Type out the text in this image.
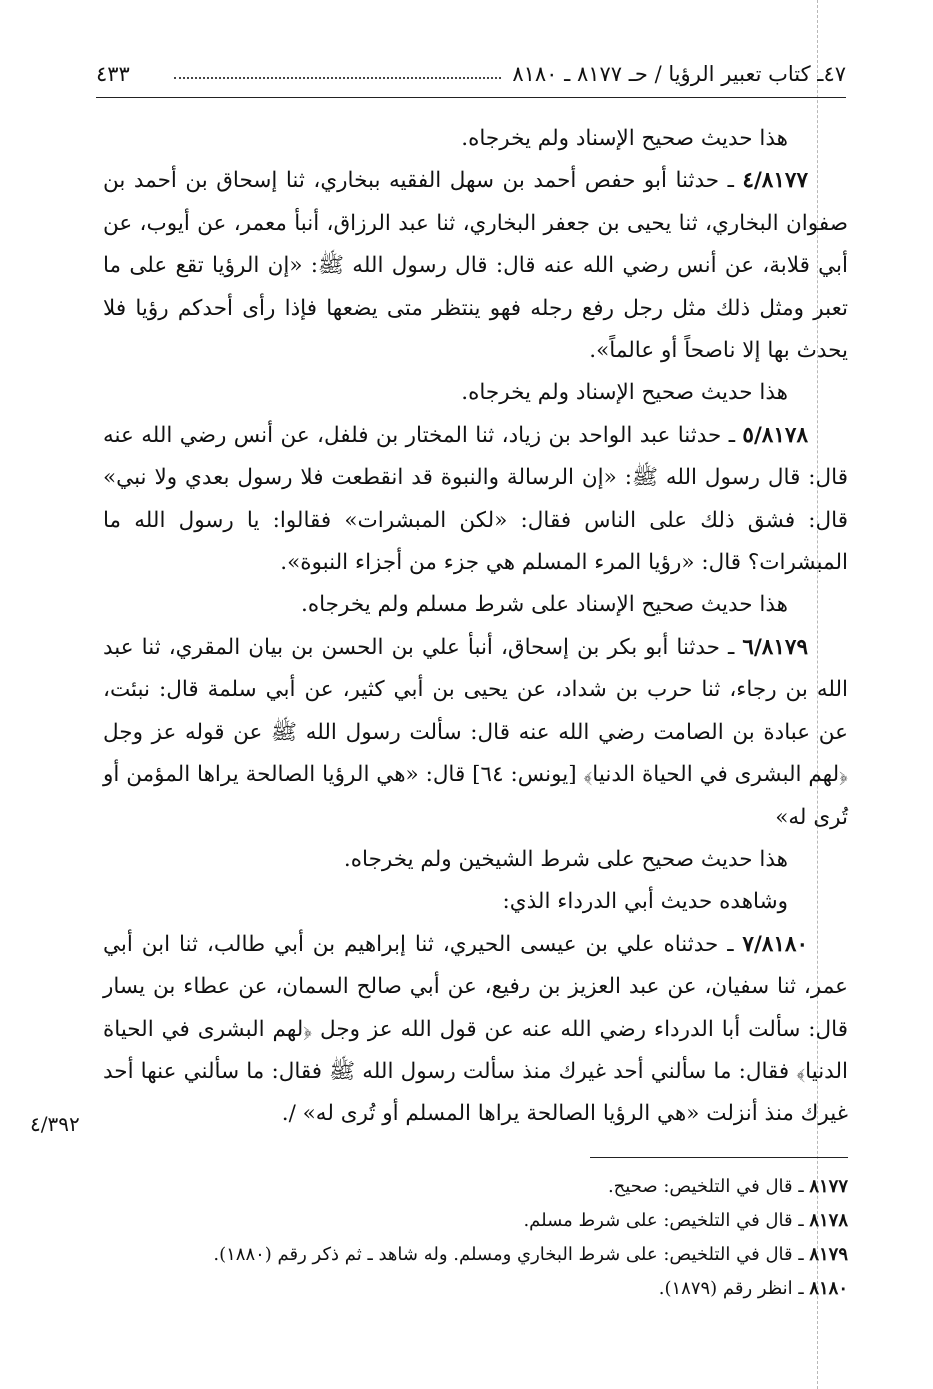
٤٧ـ كتاب تعبير الرؤيا / حـ ٨١٧٧ ـ ٨١٨٠
٤٣٣

هذا حديث صحيح الإسناد ولم يخرجاه.

٤/٨١٧٧ ـ حدثنا أبو حفص أحمد بن سهل الفقيه ببخاري، ثنا إسحاق بن أحمد بن صفوان البخاري، ثنا يحيى بن جعفر البخاري، ثنا عبد الرزاق، أنبأ معمر، عن أيوب، عن أبي قلابة، عن أنس رضي الله عنه قال: قال رسول الله ﷺ: «إن الرؤيا تقع على ما تعبر ومثل ذلك مثل رجل رفع رجله فهو ينتظر متى يضعها فإذا رأى أحدكم رؤيا فلا يحدث بها إلا ناصحاً أو عالماً».

هذا حديث صحيح الإسناد ولم يخرجاه.

٥/٨١٧٨ ـ حدثنا عبد الواحد بن زياد، ثنا المختار بن فلفل، عن أنس رضي الله عنه قال: قال رسول الله ﷺ: «إن الرسالة والنبوة قد انقطعت فلا رسول بعدي ولا نبي» قال: فشق ذلك على الناس فقال: «لكن المبشرات» فقالوا: يا رسول الله ما المبشرات؟ قال: «رؤيا المرء المسلم هي جزء من أجزاء النبوة».

هذا حديث صحيح الإسناد على شرط مسلم ولم يخرجاه.

٦/٨١٧٩ ـ حدثنا أبو بكر بن إسحاق، أنبأ علي بن الحسن بن بيان المقري، ثنا عبد الله بن رجاء، ثنا حرب بن شداد، عن يحيى بن أبي كثير، عن أبي سلمة قال: نبئت، عن عبادة بن الصامت رضي الله عنه قال: سألت رسول الله ﷺ عن قوله عز وجل ﴿لهم البشرى في الحياة الدنيا﴾ [يونس: ٦٤] قال: «هي الرؤيا الصالحة يراها المؤمن أو تُرى له»

هذا حديث صحيح على شرط الشيخين ولم يخرجاه.

وشاهده حديث أبي الدرداء الذي:

٧/٨١٨٠ ـ حدثناه علي بن عيسى الحيري، ثنا إبراهيم بن أبي طالب، ثنا ابن أبي عمر، ثنا سفيان، عن عبد العزيز بن رفيع، عن أبي صالح السمان، عن عطاء بن يسار قال: سألت أبا الدرداء رضي الله عنه عن قول الله عز وجل ﴿لهم البشرى في الحياة الدنيا﴾ فقال: ما سألني أحد غيرك منذ سألت رسول الله ﷺ فقال: ما سألني عنها أحد غيرك منذ أنزلت «هي الرؤيا الصالحة يراها المسلم أو تُرى له» /.

٤/٣٩٢

٨١٧٧ ـ قال في التلخيص: صحيح.

٨١٧٨ ـ قال في التلخيص: على شرط مسلم.

٨١٧٩ ـ قال في التلخيص: على شرط البخاري ومسلم. وله شاهد ـ ثم ذكر رقم (١٨٨٠).

٨١٨٠ ـ انظر رقم (١٨٧٩).
